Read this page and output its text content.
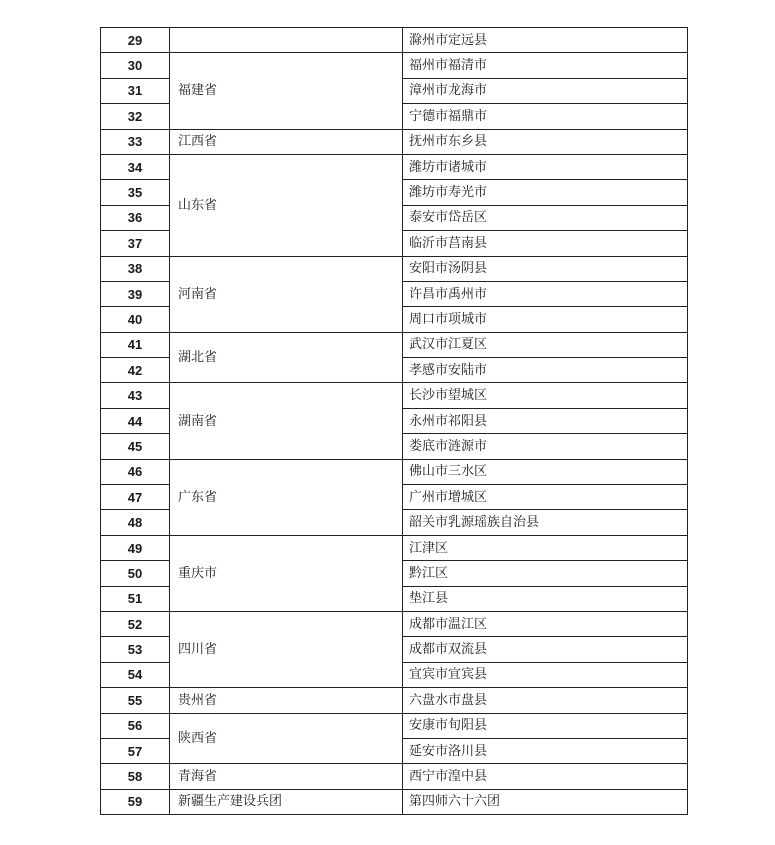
29		滁州市定远县
30	福建省	福州市福清市
31		漳州市龙海市
32		宁德市福鼎市
33	江西省	抚州市东乡县
34	山东省	潍坊市诸城市
35		潍坊市寿光市
36		泰安市岱岳区
37		临沂市莒南县
38	河南省	安阳市汤阴县
39		许昌市禹州市
40		周口市项城市
41	湖北省	武汉市江夏区
42		孝感市安陆市
43	湖南省	长沙市望城区
44		永州市祁阳县
45		娄底市涟源市
46	广东省	佛山市三水区
47		广州市增城区
48		韶关市乳源瑶族自治县
49	重庆市	江津区
50		黔江区
51		垫江县
52	四川省	成都市温江区
53		成都市双流县
54		宜宾市宜宾县
55	贵州省	六盘水市盘县
56	陕西省	安康市旬阳县
57		延安市洛川县
58	青海省	西宁市湟中县
59	新疆生产建设兵团	第四师六十六团
